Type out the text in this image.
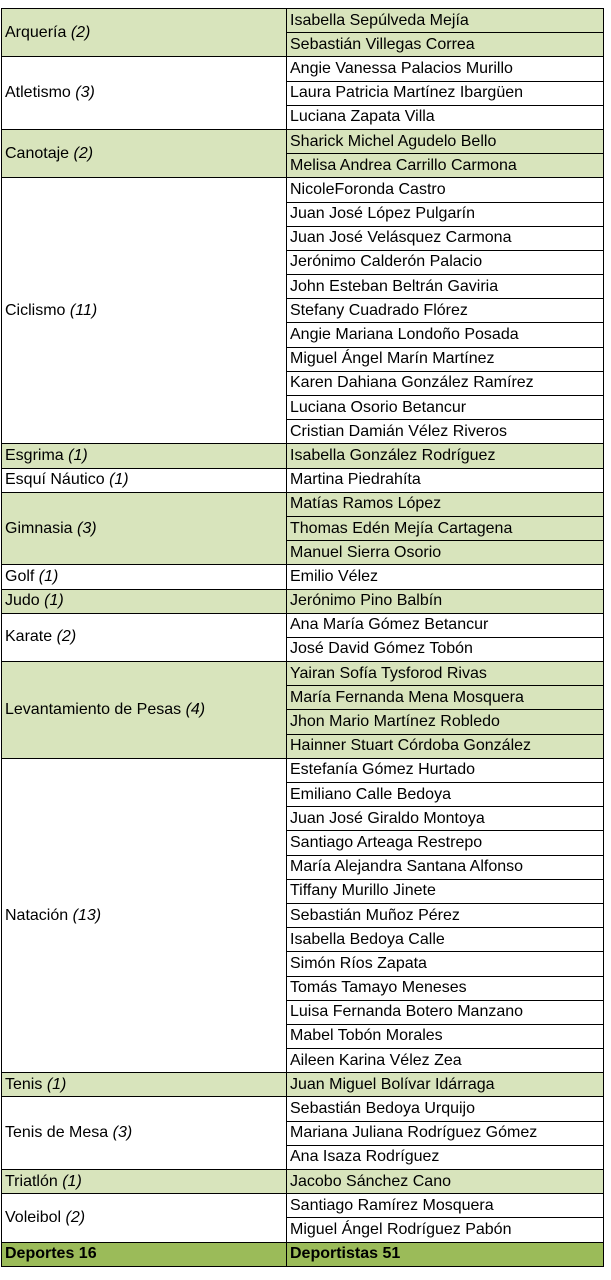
Arquería (2)	Isabella Sepúlveda Mejía
	Sebastián Villegas Correa
Atletismo (3)	Angie Vanessa Palacios Murillo
	Laura Patricia Martínez Ibargüen
	Luciana Zapata Villa
Canotaje (2)	Sharick Michel Agudelo Bello
	Melisa Andrea Carrillo Carmona
Ciclismo (11)	NicoleForonda Castro
	Juan José López Pulgarín
	Juan José Velásquez Carmona
	Jerónimo Calderón Palacio
	John Esteban Beltrán Gaviria
	Stefany Cuadrado Flórez
	Angie Mariana Londoño Posada
	Miguel Ángel Marín Martínez
	Karen Dahiana González Ramírez
	Luciana Osorio Betancur
	Cristian Damián Vélez Riveros
Esgrima (1)	Isabella González Rodríguez
Esquí Náutico (1)	Martina Piedrahíta
Gimnasia (3)	Matías Ramos López
	Thomas Edén Mejía Cartagena
	Manuel Sierra Osorio
Golf (1)	Emilio Vélez
Judo (1)	Jerónimo Pino Balbín
Karate (2)	Ana María Gómez Betancur
	José David Gómez Tobón
Levantamiento de Pesas (4)	Yairan Sofía Tysforod Rivas
	María Fernanda Mena Mosquera
	Jhon Mario Martínez Robledo
	Hainner Stuart Córdoba González
Natación (13)	Estefanía Gómez Hurtado
	Emiliano Calle Bedoya
	Juan José Giraldo Montoya
	Santiago Arteaga Restrepo
	María Alejandra Santana Alfonso
	Tiffany Murillo Jinete
	Sebastián Muñoz Pérez
	Isabella Bedoya Calle
	Simón Ríos Zapata
	Tomás Tamayo Meneses
	Luisa Fernanda Botero Manzano
	Mabel Tobón Morales
	Aileen Karina Vélez Zea
Tenis (1)	Juan Miguel Bolívar Idárraga
Tenis de Mesa (3)	Sebastián Bedoya Urquijo
	Mariana Juliana Rodríguez Gómez
	Ana Isaza Rodríguez
Triatlón (1)	Jacobo Sánchez Cano
Voleibol (2)	Santiago Ramírez Mosquera
	Miguel Ángel Rodríguez Pabón
Deportes 16	Deportistas 51
